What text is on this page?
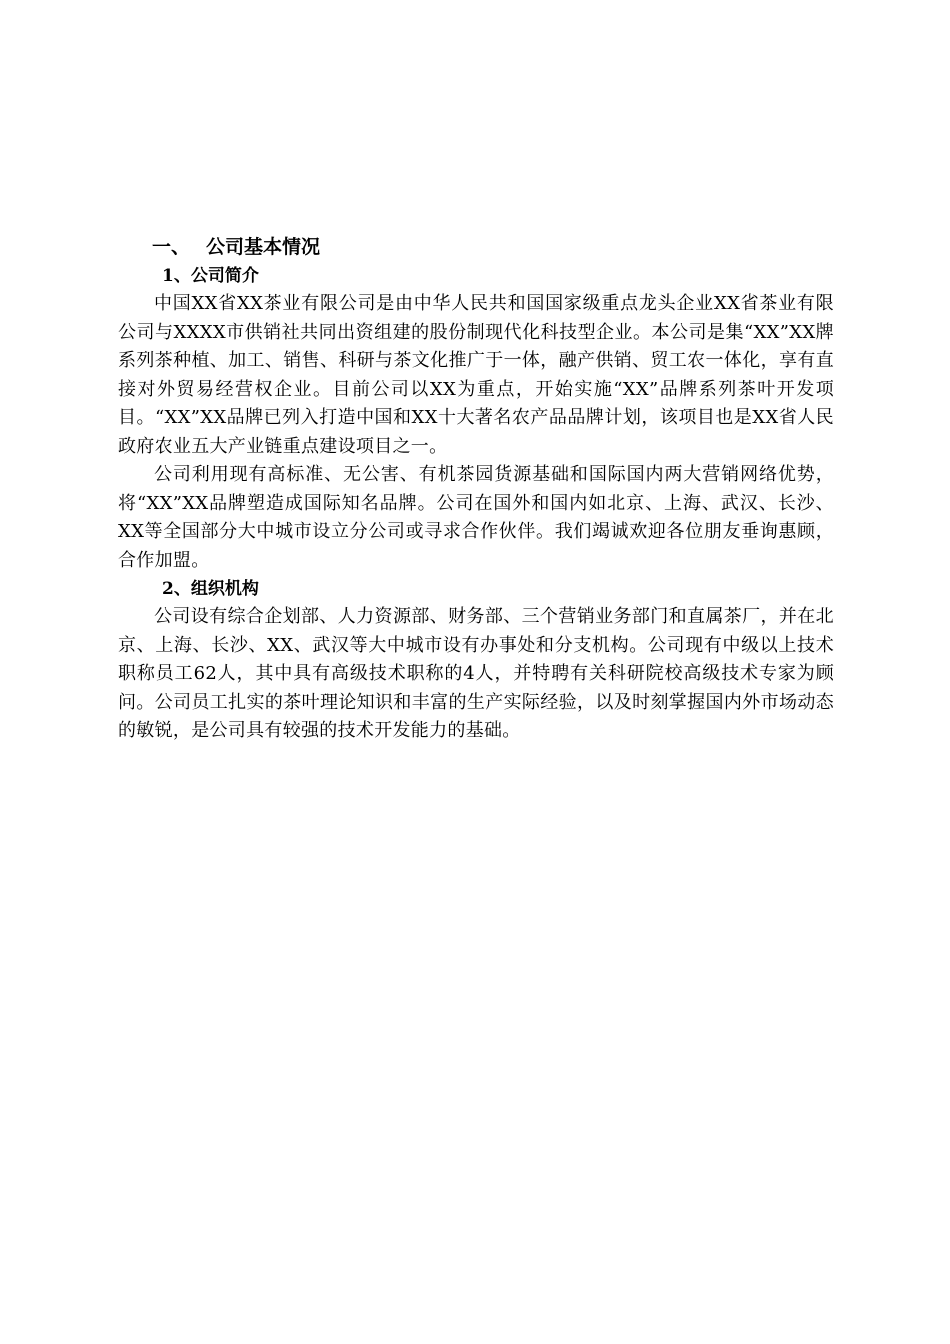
一、 公司基本情况
1、公司简介

中国XX省XX茶业有限公司是由中华人民共和国国家级重点龙头企业XX省茶业有限公司与XXXX市供销社共同出资组建的股份制现代化科技型企业。本公司是集“XX”XX牌系列茶种植、加工、销售、科研与茶文化推广于一体，融产供销、贸工农一体化，享有直接对外贸易经营权企业。目前公司以XX为重点，开始实施“XX”品牌系列茶叶开发项目。“XX”XX品牌已列入打造中国和XX十大著名农产品品牌计划，该项目也是XX省人民政府农业五大产业链重点建设项目之一。

公司利用现有高标准、无公害、有机茶园货源基础和国际国内两大营销网络优势，将“XX”XX品牌塑造成国际知名品牌。公司在国外和国内如北京、上海、武汉、长沙、XX等全国部分大中城市设立分公司或寻求合作伙伴。我们竭诚欢迎各位朋友垂询惠顾，合作加盟。

2、组织机构

公司设有综合企划部、人力资源部、财务部、三个营销业务部门和直属茶厂，并在北京、上海、长沙、XX、武汉等大中城市设有办事处和分支机构。公司现有中级以上技术职称员工62人，其中具有高级技术职称的4人，并特聘有关科研院校高级技术专家为顾问。公司员工扎实的茶叶理论知识和丰富的生产实际经验，以及时刻掌握国内外市场动态的敏锐，是公司具有较强的技术开发能力的基础。
